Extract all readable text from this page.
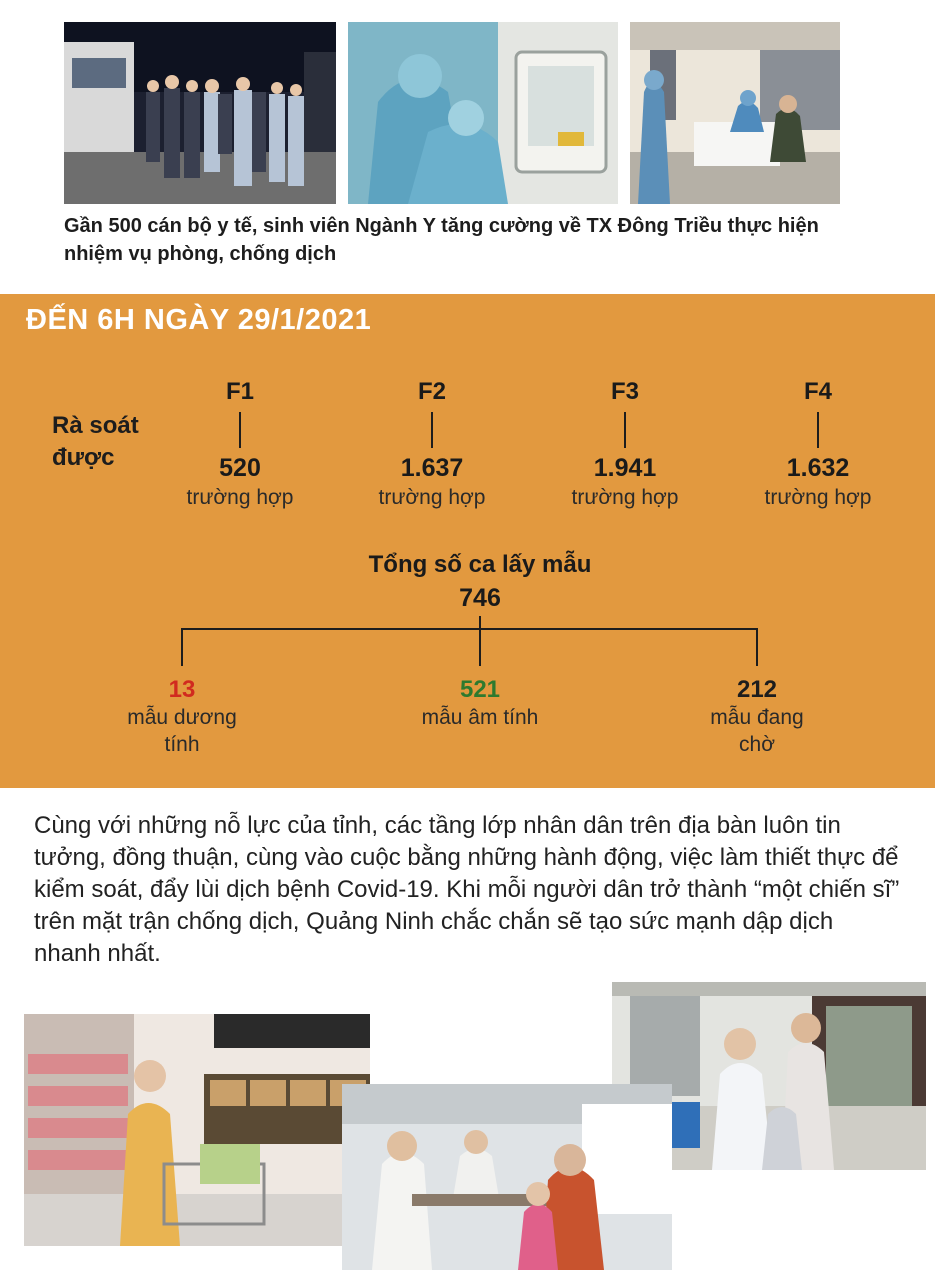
Gần 500 cán bộ y tế, sinh viên Ngành Y tăng cường về TX Đông Triều thực hiện nhiệm vụ phòng, chống dịch
ĐẾN 6H NGÀY 29/1/2021
Rà soát được
F1
520
trường hợp
F2
1.637
trường hợp
F3
1.941
trường hợp
F4
1.632
trường hợp
Tổng số ca lấy mẫu
746
13
mẫu dương tính
521
mẫu âm tính
212
mẫu đang chờ
Cùng với những nỗ lực của tỉnh, các tầng lớp nhân dân trên địa bàn luôn tin tưởng, đồng thuận, cùng vào cuộc bằng những hành động, việc làm thiết thực để kiểm soát, đẩy lùi dịch bệnh Covid-19. Khi mỗi người dân trở thành “một chiến sĩ” trên mặt trận chống dịch, Quảng Ninh chắc chắn sẽ tạo sức mạnh dập dịch nhanh nhất.
